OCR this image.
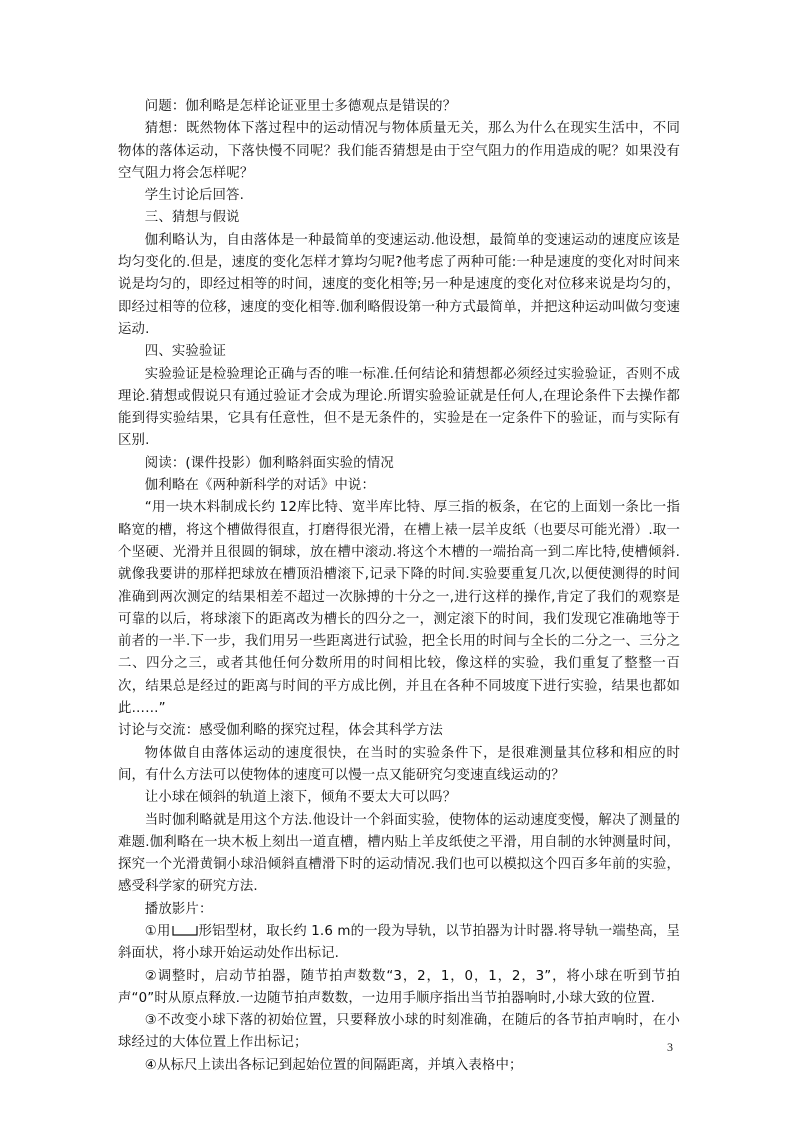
问题：伽利略是怎样论证亚里士多德观点是错误的？

猜想：既然物体下落过程中的运动情况与物体质量无关，那么为什么在现实生活中，不同物体的落体运动，下落快慢不同呢？我们能否猜想是由于空气阻力的作用造成的呢？如果没有空气阻力将会怎样呢？

学生讨论后回答.

三、猜想与假说

伽利略认为，自由落体是一种最简单的变速运动.他设想，最简单的变速运动的速度应该是均匀变化的.但是，速度的变化怎样才算均匀呢?他考虑了两种可能:一种是速度的变化对时间来说是均匀的，即经过相等的时间，速度的变化相等;另一种是速度的变化对位移来说是均匀的，即经过相等的位移，速度的变化相等.伽利略假设第一种方式最简单，并把这种运动叫做匀变速运动.

四、实验验证

实验验证是检验理论正确与否的唯一标准.任何结论和猜想都必须经过实验验证，否则不成理论.猜想或假说只有通过验证才会成为理论.所谓实验验证就是任何人,在理论条件下去操作都能到得实验结果，它具有任意性，但不是无条件的，实验是在一定条件下的验证，而与实际有区别.

阅读：(课件投影）伽利略斜面实验的情况

伽利略在《两种新科学的对话》中说：

“用一块木料制成长约 12库比特、宽半库比特、厚三指的板条，在它的上面划一条比一指略宽的槽，将这个槽做得很直，打磨得很光滑，在槽上裱一层羊皮纸（也要尽可能光滑）.取一个坚硬、光滑并且很圆的铜球，放在槽中滚动.将这个木槽的一端抬高一到二库比特,使槽倾斜.就像我要讲的那样把球放在槽顶沿槽滚下,记录下降的时间.实验要重复几次,以便使测得的时间准确到两次测定的结果相差不超过一次脉搏的十分之一,进行这样的操作,肯定了我们的观察是可靠的以后，将球滚下的距离改为槽长的四分之一，测定滚下的时间，我们发现它准确地等于前者的一半.下一步，我们用另一些距离进行试验，把全长用的时间与全长的二分之一、三分之二、四分之三，或者其他任何分数所用的时间相比较，像这样的实验，我们重复了整整一百次，结果总是经过的距离与时间的平方成比例，并且在各种不同坡度下进行实验，结果也都如此……”

讨论与交流：感受伽利略的探究过程，体会其科学方法

物体做自由落体运动的速度很快，在当时的实验条件下，是很难测量其位移和相应的时间，有什么方法可以使物体的速度可以慢一点又能研究匀变速直线运动的？

让小球在倾斜的轨道上滚下，倾角不要太大可以吗？

当时伽利略就是用这个方法.他设计一个斜面实验，使物体的运动速度变慢，解决了测量的难题.伽利略在一块木板上刻出一道直槽，槽内贴上羊皮纸使之平滑，用自制的水钟测量时间，探究一个光滑黄铜小球沿倾斜直槽滑下时的运动情况.我们也可以模拟这个四百多年前的实验，感受科学家的研究方法.

播放影片：

①用 形铝型材，取长约 1.6 m的一段为导轨，以节拍器为计时器.将导轨一端垫高，呈斜面状，将小球开始运动处作出标记.

②调整时，启动节拍器，随节拍声数数“3，2，1，0，1，2，3”，将小球在听到节拍声“0”时从原点释放.一边随节拍声数数，一边用手顺序指出当节拍器响时,小球大致的位置.

③不改变小球下落的初始位置，只要释放小球的时刻准确，在随后的各节拍声响时，在小球经过的大体位置上作出标记；

④从标尺上读出各标记到起始位置的间隔距离，并填入表格中；

3
